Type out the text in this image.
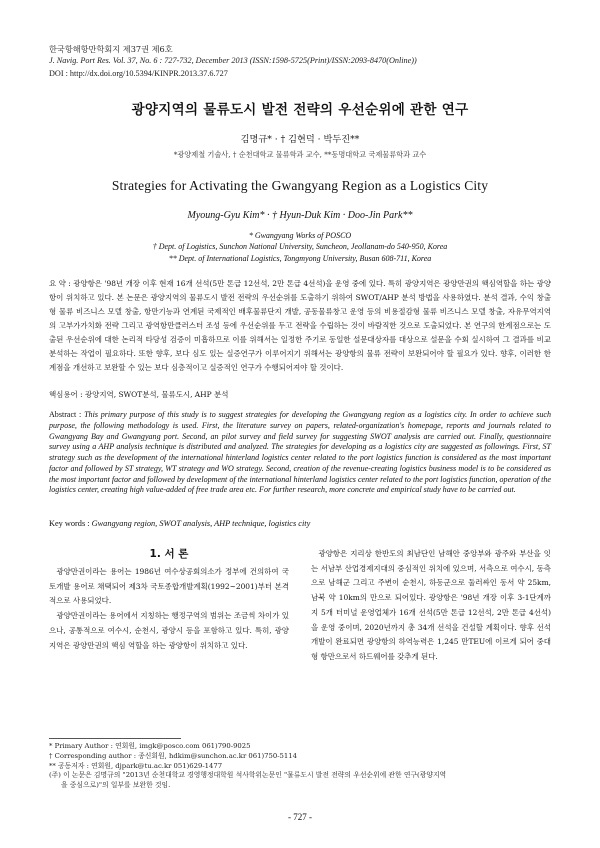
한국항해항만학회지 제37권 제6호
J. Navig. Port Res. Vol. 37, No. 6 : 727-732, December 2013 (ISSN:1598-5725(Print)/ISSN:2093-8470(Online))
DOI : http://dx.doi.org/10.5394/KINPR.2013.37.6.727
광양지역의 물류도시 발전 전략의 우선순위에 관한 연구
김명규* · † 김현덕 · 박두진**
*광양제철 기술사, † 순천대학교 물류학과 교수, **동명대학교 국제물류학과 교수
Strategies for Activating the Gwangyang Region as a Logistics City
Myoung-Gyu Kim* · † Hyun-Duk Kim · Doo-Jin Park**
* Gwangyang Works of POSCO
† Dept. of Logistics, Sunchon National University, Suncheon, Jeollanam-do 540-950, Korea
** Dept. of International Logistics, Tongmyong University, Busan 608-711, Korea
요 약 : 광양항은 '98년 개장 이후 현재 16개 선석(5만 톤급 12선석, 2만 톤급 4선석)을 운영 중에 있다. 특히 광양지역은 광양만권의 핵심역할을 하는 광양항이 위치하고 있다. 본 논문은 광양지역의 물류도시 발전 전략의 우선순위를 도출하기 위하여 SWOT/AHP 분석 방법을 사용하였다. 분석 결과, 수익 창출형 물류 비즈니스 모델 창출, 항만기능과 연계된 국제적인 배후물류단지 개발, 공동물류창고 운영 등의 비용절감형 물류 비즈니스 모델 창출, 자유무역지역의 고부가가치화 전략 그리고 광역항만클러스터 조성 등에 우선순위를 두고 전략을 수립하는 것이 바람직한 것으로 도출되었다. 본 연구의 한계점으로는 도출된 우선순위에 대한 논리적 타당성 검증이 미흡하므로 이를 위해서는 일정한 주기로 동일한 설문대상자를 대상으로 설문을 수회 실시하여 그 결과를 비교 분석하는 작업이 필요하다. 또한 향후, 보다 심도 있는 실증연구가 이루어지기 위해서는 광양항의 물류 전략이 보완되어야 할 필요가 있다. 향후, 이러한 한계점을 개선하고 보완할 수 있는 보다 심층적이고 실증적인 연구가 수행되어져야 할 것이다.
핵심용어 : 광양지역, SWOT분석, 물류도시, AHP 분석
Abstract : This primary purpose of this study is to suggest strategies for developing the Gwangyang region as a logistics city. In order to achieve such purpose, the following methodology is used. First, the literature survey on papers, related-organization's homepage, reports and journals related to Gwangyang Bay and Gwangyang port. Second, an pilot survey and field survey for suggesting SWOT analysis are carried out. Finally, questionnaire survey using a AHP analysis technique is distributed and analyzed. The strategies for developing as a logistics city are suggested as followings. First, ST strategy such as the development of the international hinterland logistics center related to the port logistics function is considered as the most important factor and followed by ST strategy, WT strategy and WO strategy. Second, creation of the revenue-creating logistics business model is to be considered as the most important factor and followed by development of the international hinterland logistics center related to the port logistics function, operation of the logistics center, creating high value-added of free trade area etc. For further research, more concrete and empirical study have to be carried out.
Key words : Gwangyang region, SWOT analysis, AHP technique, logistics city
1. 서 론

광양만권이라는 용어는 1986년 여수상공회의소가 정부에 건의하여 국토개발 용어로 채택되어 제3차 국토종합개발계획(1992~2001)부터 본격적으로 사용되었다.

광양만권이라는 용어에서 지칭하는 행정구역의 범위는 조금씩 차이가 있으나, 공통적으로 여수시, 순천시, 광양시 등을 포함하고 있다. 특히, 광양지역은 광양만권의 핵심 역할을 하는 광양항이 위치하고 있다.

광양항은 지리상 한반도의 최남단인 남해안 중앙부와 광주와 부산을 잇는 서남부 산업경제지대의 중심적인 위치에 있으며, 서측으로 여수시, 동측으로 남해군 그리고 주변이 순천시, 하동군으로 둘러싸인 동서 약 25km, 남북 약 10km의 만으로 되어있다. 광양항은 '98년 개장 이후 3-1단계까지 5개 터미널 운영업체가 16개 선석(5만 톤급 12선석, 2만 톤급 4선석)을 운영 중이며, 2020년까지 총 34개 선석을 건설할 계획이다. 향후 선석 개발이 완료되면 광양항의 하역능력은 1,245 만TEU에 이르게 되어 중대형 항만으로서 하드웨어를 갖추게 된다.

* Primary Author : 연회원, imgk@posco.com 061)790-9025
† Corresponding author : 종신회원, hdkim@sunchon.ac.kr 061)750-5114
** 공동저자 : 연회원, djpark@tu.ac.kr 051)629-1477
(주) 이 논문은 김명규의 "2013년 순천대학교 경영행정대학원 석사학위논문인 "물류도시 발전 전략의 우선순위에 관한 연구(광양지역
을 중심으로)"의 일부를 보완한 것임.
- 727 -
